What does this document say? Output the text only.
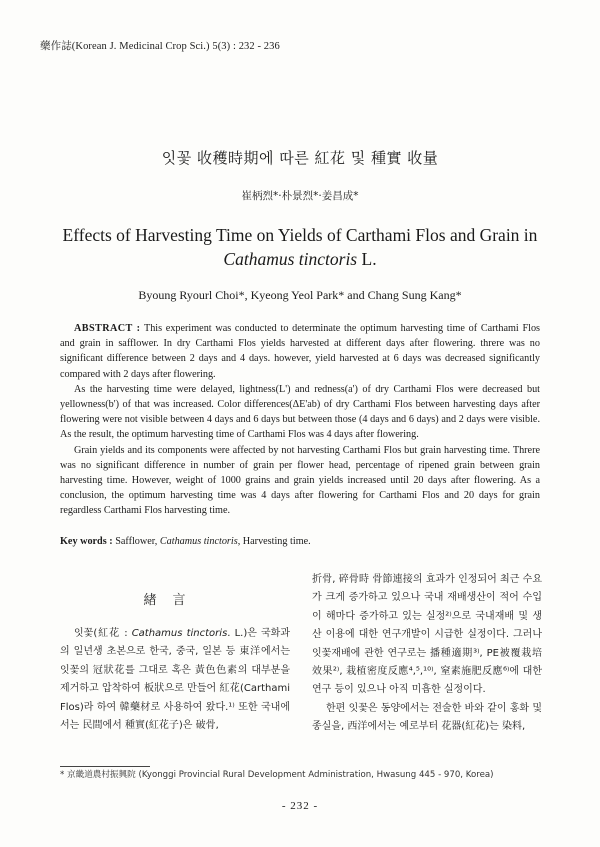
藥作誌(Korean J. Medicinal Crop Sci.) 5(3) : 232 - 236
잇꽃 收穫時期에 따른 紅花 및 種實 收量
崔柄烈*·朴景烈*·姜昌成*
Effects of Harvesting Time on Yields of Carthami Flos and Grain in
Cathamus tinctoris L.
Byoung Ryourl Choi*, Kyeong Yeol Park* and Chang Sung Kang*

ABSTRACT : This experiment was conducted to determinate the optimum harvesting time of Carthami Flos and grain in safflower. In dry Carthami Flos yields harvested at different days after flowering. threre was no significant difference between 2 days and 4 days. however, yield harvested at 6 days was decreased significantly compared with 2 days after flowering.

As the harvesting time were delayed, lightness(L') and redness(a') of dry Carthami Flos were decreased but yellowness(b') of that was increased. Color differences(ΔE'ab) of dry Carthami Flos between harvesting days after flowering were not visible between 4 days and 6 days but between those (4 days and 6 days) and 2 days were visible. As the result, the optimum harvesting time of Carthami Flos was 4 days after flowering.

Grain yields and its components were affected by not harvesting Carthami Flos but grain harvesting time. Threre was no significant difference in number of grain per flower head, percentage of ripened grain between grain harvesting time. However, weight of 1000 grains and grain yields increased until 20 days after flowering. As a conclusion, the optimum harvesting time was 4 days after flowering for Carthami Flos and 20 days for grain regardless Carthami Flos harvesting time.

Key words : Safflower, Cathamus tinctoris, Harvesting time.
緖言

잇꽃(紅花 : Cathamus tinctoris. L.)은 국화과의 일년생 초본으로 한국, 중국, 일본 등 東洋에서는 잇꽃의 冠狀花를 그대로 혹은 黃色色素의 대부분을 제거하고 압착하여 板狀으로 만들어 紅花(Carthami Flos)라 하여 韓藥材로 사용하여 왔다.¹⁾ 또한 국내에서는 民間에서 種實(紅花子)은 破骨,

折骨, 碎骨時 骨節連接의 효과가 인정되어 최근 수요가 크게 증가하고 있으나 국내 재배생산이 적어 수입이 해마다 증가하고 있는 실정²⁾으로 국내재배 및 생산 이용에 대한 연구개발이 시급한 실정이다. 그러나 잇꽃재배에 관한 연구로는 播種適期³⁾, PE被覆栽培效果²⁾, 栽植密度反應⁴,⁵,¹⁰⁾, 窒素施肥反應⁶⁾에 대한 연구 등이 있으나 아직 미흡한 실정이다.

한편 잇꽃은 동양에서는 전술한 바와 같이 홍화 및 종실을, 西洋에서는 예로부터 花器(紅花)는 染料,

* 京畿道農村振興院 (Kyonggi Provincial Rural Development Administration, Hwasung 445 - 970, Korea)
- 232 -
